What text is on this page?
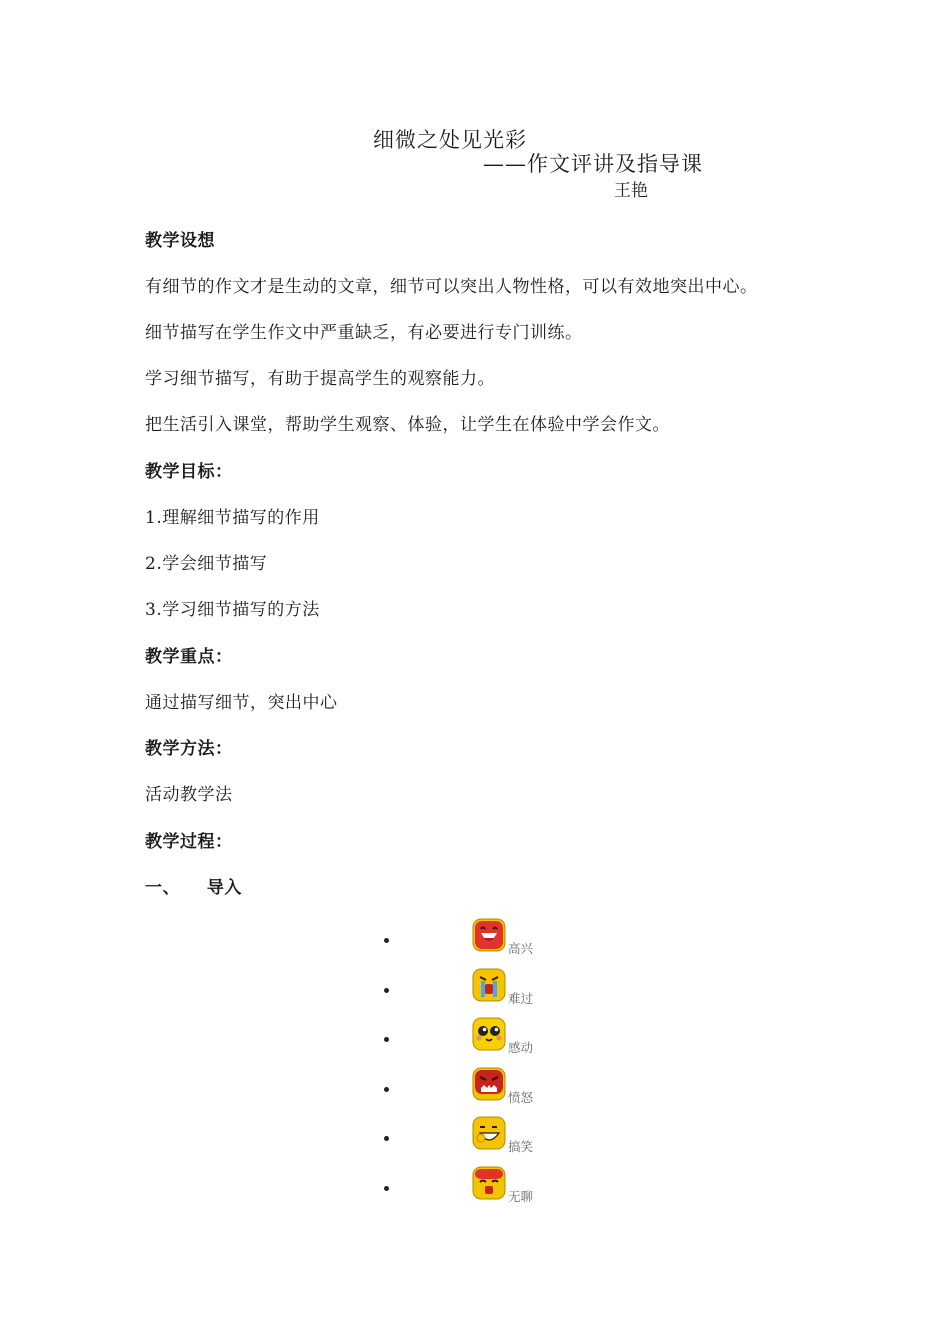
细微之处见光彩
——作文评讲及指导课
王艳
教学设想
有细节的作文才是生动的文章，细节可以突出人物性格，可以有效地突出中心。
细节描写在学生作文中严重缺乏，有必要进行专门训练。
学习细节描写，有助于提高学生的观察能力。
把生活引入课堂，帮助学生观察、体验，让学生在体验中学会作文。
教学目标：
1.理解细节描写的作用
2.学会细节描写
3.学习细节描写的方法
教学重点：
通过描写细节，突出中心
教学方法：
活动教学法
教学过程：
一、 导入
高兴
难过
感动
愤怒
搞笑
无聊
